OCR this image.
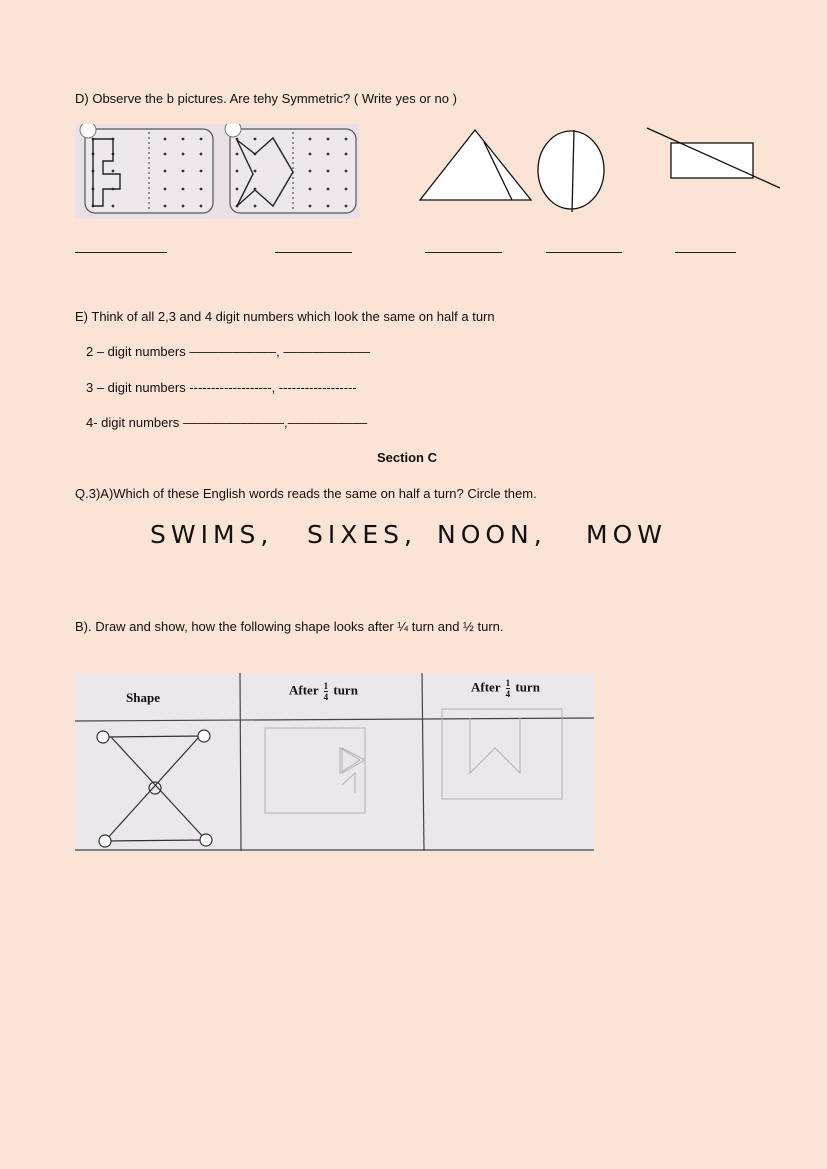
D) Observe the b pictures. Are tehy Symmetric? ( Write yes or no )
E) Think of all 2,3 and 4 digit numbers which look the same on half a turn
2 – digit numbers ––––––––––––, ––––––––––––
3 – digit numbers -------------------, ------------------
4- digit numbers ––––––––––––––,–––––––––––
Section C
Q.3)A)Which of these English words reads the same on half a turn? Circle them.
SWIMS, SIXES, NOON, MOW
B). Draw and show, how the following shape looks after ¼ turn and ½ turn.
Shape
After $\frac{1}{4}$ turn	After $\frac{1}{4}$ turn
